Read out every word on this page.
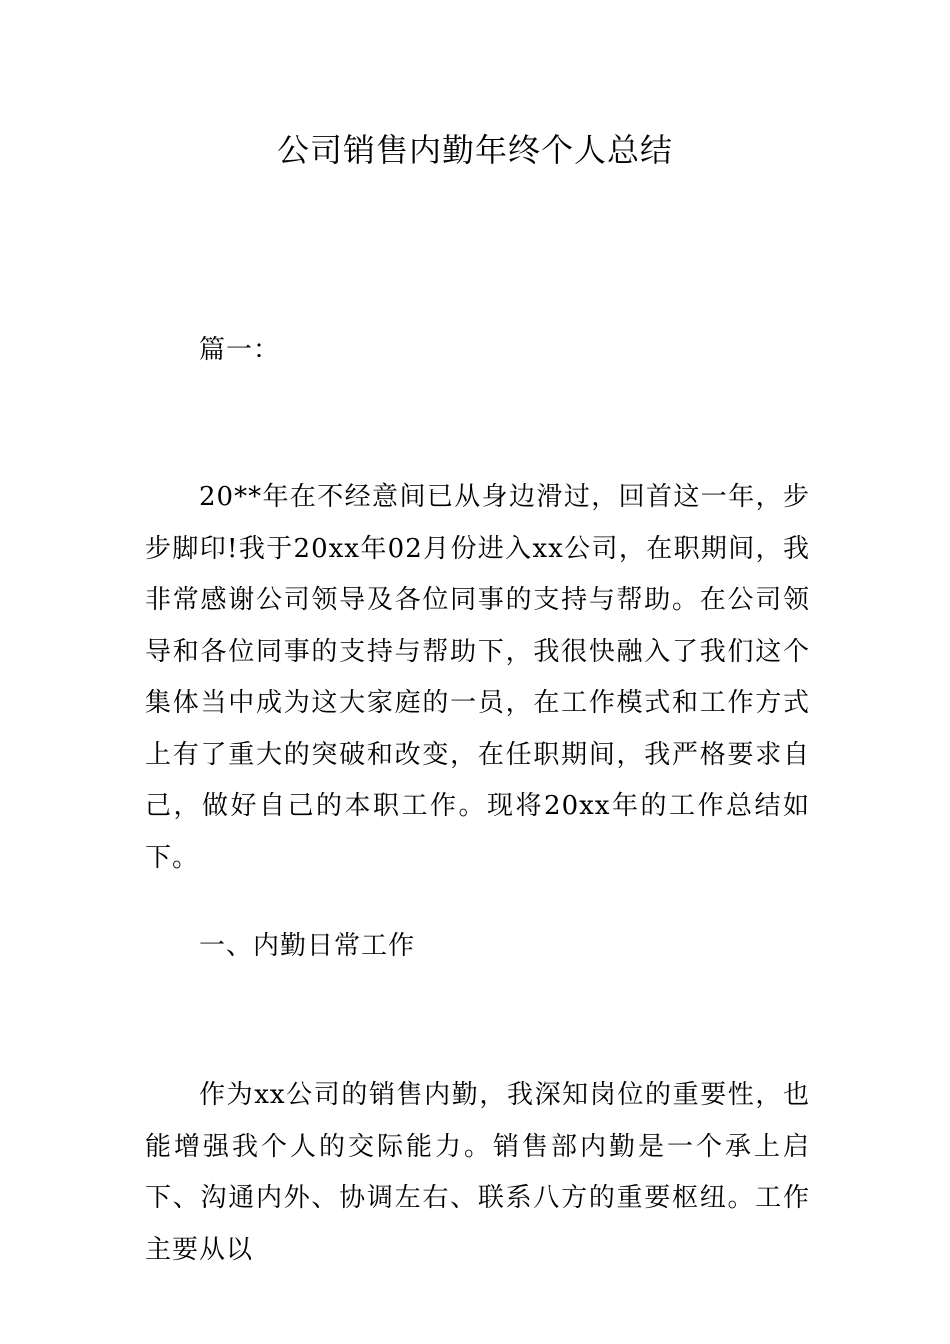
公司销售内勤年终个人总结

篇一：

20**年在不经意间已从身边滑过，回首这一年，步步脚印!我于20xx年02月份进入xx公司，在职期间，我非常感谢公司领导及各位同事的支持与帮助。在公司领导和各位同事的支持与帮助下，我很快融入了我们这个集体当中成为这大家庭的一员，在工作模式和工作方式上有了重大的突破和改变，在任职期间，我严格要求自己，做好自己的本职工作。现将20xx年的工作总结如下。

一、内勤日常工作

作为xx公司的销售内勤，我深知岗位的重要性，也能增强我个人的交际能力。销售部内勤是一个承上启下、沟通内外、协调左右、联系八方的重要枢纽。工作主要从以
